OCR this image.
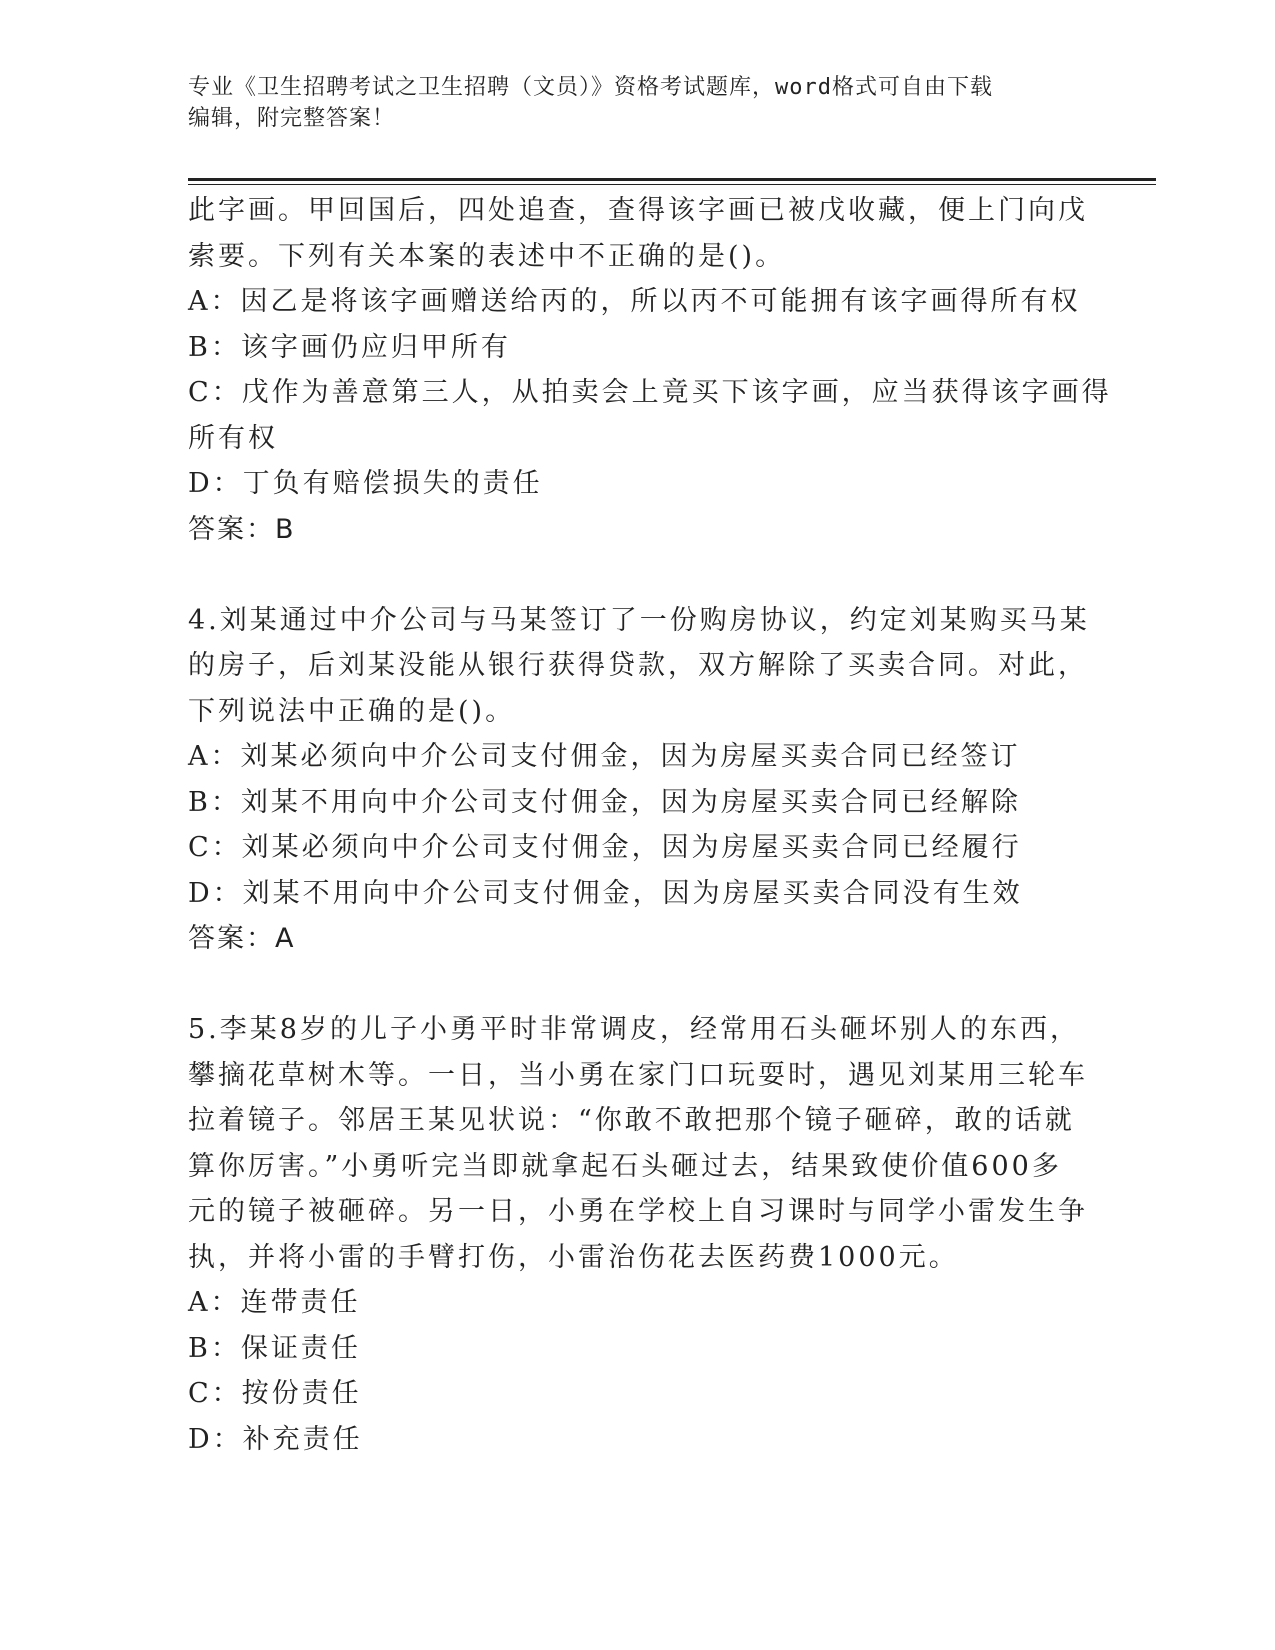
专业《卫生招聘考试之卫生招聘（文员）》资格考试题库，word格式可自由下载
编辑，附完整答案！
此字画。甲回国后，四处追查，查得该字画已被戊收藏，便上门向戊
索要。下列有关本案的表述中不正确的是()。
A：因乙是将该字画赠送给丙的，所以丙不可能拥有该字画得所有权
B：该字画仍应归甲所有
C：戊作为善意第三人，从拍卖会上竟买下该字画，应当获得该字画得
所有权
D：丁负有赔偿损失的责任
答案：B
4.刘某通过中介公司与马某签订了一份购房协议，约定刘某购买马某
的房子，后刘某没能从银行获得贷款，双方解除了买卖合同。对此，
下列说法中正确的是()。
A：刘某必须向中介公司支付佣金，因为房屋买卖合同已经签订
B：刘某不用向中介公司支付佣金，因为房屋买卖合同已经解除
C：刘某必须向中介公司支付佣金，因为房屋买卖合同已经履行
D：刘某不用向中介公司支付佣金，因为房屋买卖合同没有生效
答案：A
5.李某8岁的儿子小勇平时非常调皮，经常用石头砸坏别人的东西，
攀摘花草树木等。一日，当小勇在家门口玩耍时，遇见刘某用三轮车
拉着镜子。邻居王某见状说：“你敢不敢把那个镜子砸碎，敢的话就
算你厉害。”小勇听完当即就拿起石头砸过去，结果致使价值600多
元的镜子被砸碎。另一日，小勇在学校上自习课时与同学小雷发生争
执，并将小雷的手臂打伤，小雷治伤花去医药费1000元。
A：连带责任
B：保证责任
C：按份责任
D：补充责任
